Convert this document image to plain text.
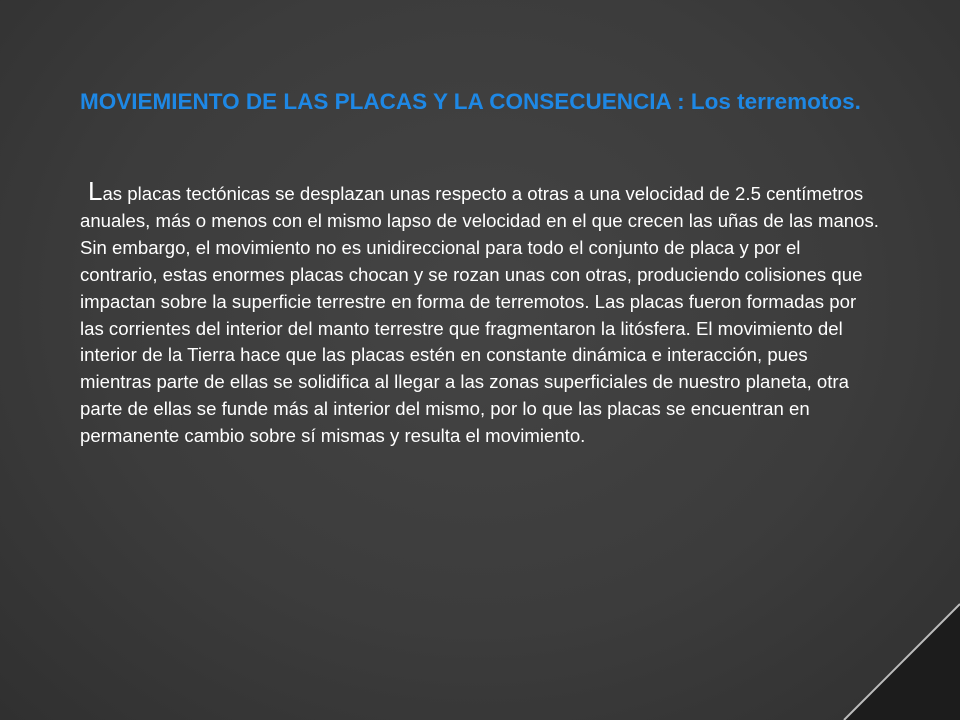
MOVIEMIENTO DE LAS PLACAS Y LA CONSECUENCIA : Los terremotos.

Las placas tectónicas se desplazan unas respecto a otras a una velocidad de 2.5 centímetros anuales, más o menos con el mismo lapso de velocidad en el que crecen las uñas de las manos. Sin embargo, el movimiento no es unidireccional para todo el conjunto de placa y por el contrario, estas enormes placas chocan y se rozan unas con otras, produciendo colisiones que impactan sobre la superficie terrestre en forma de terremotos. Las placas fueron formadas por las corrientes del interior del manto terrestre que fragmentaron la litósfera. El movimiento del interior de la Tierra hace que las placas estén en constante dinámica e interacción, pues mientras parte de ellas se solidifica al llegar a las zonas superficiales de nuestro planeta, otra parte de ellas se funde más al interior del mismo, por lo que las placas se encuentran en permanente cambio sobre sí mismas y resulta el movimiento.
